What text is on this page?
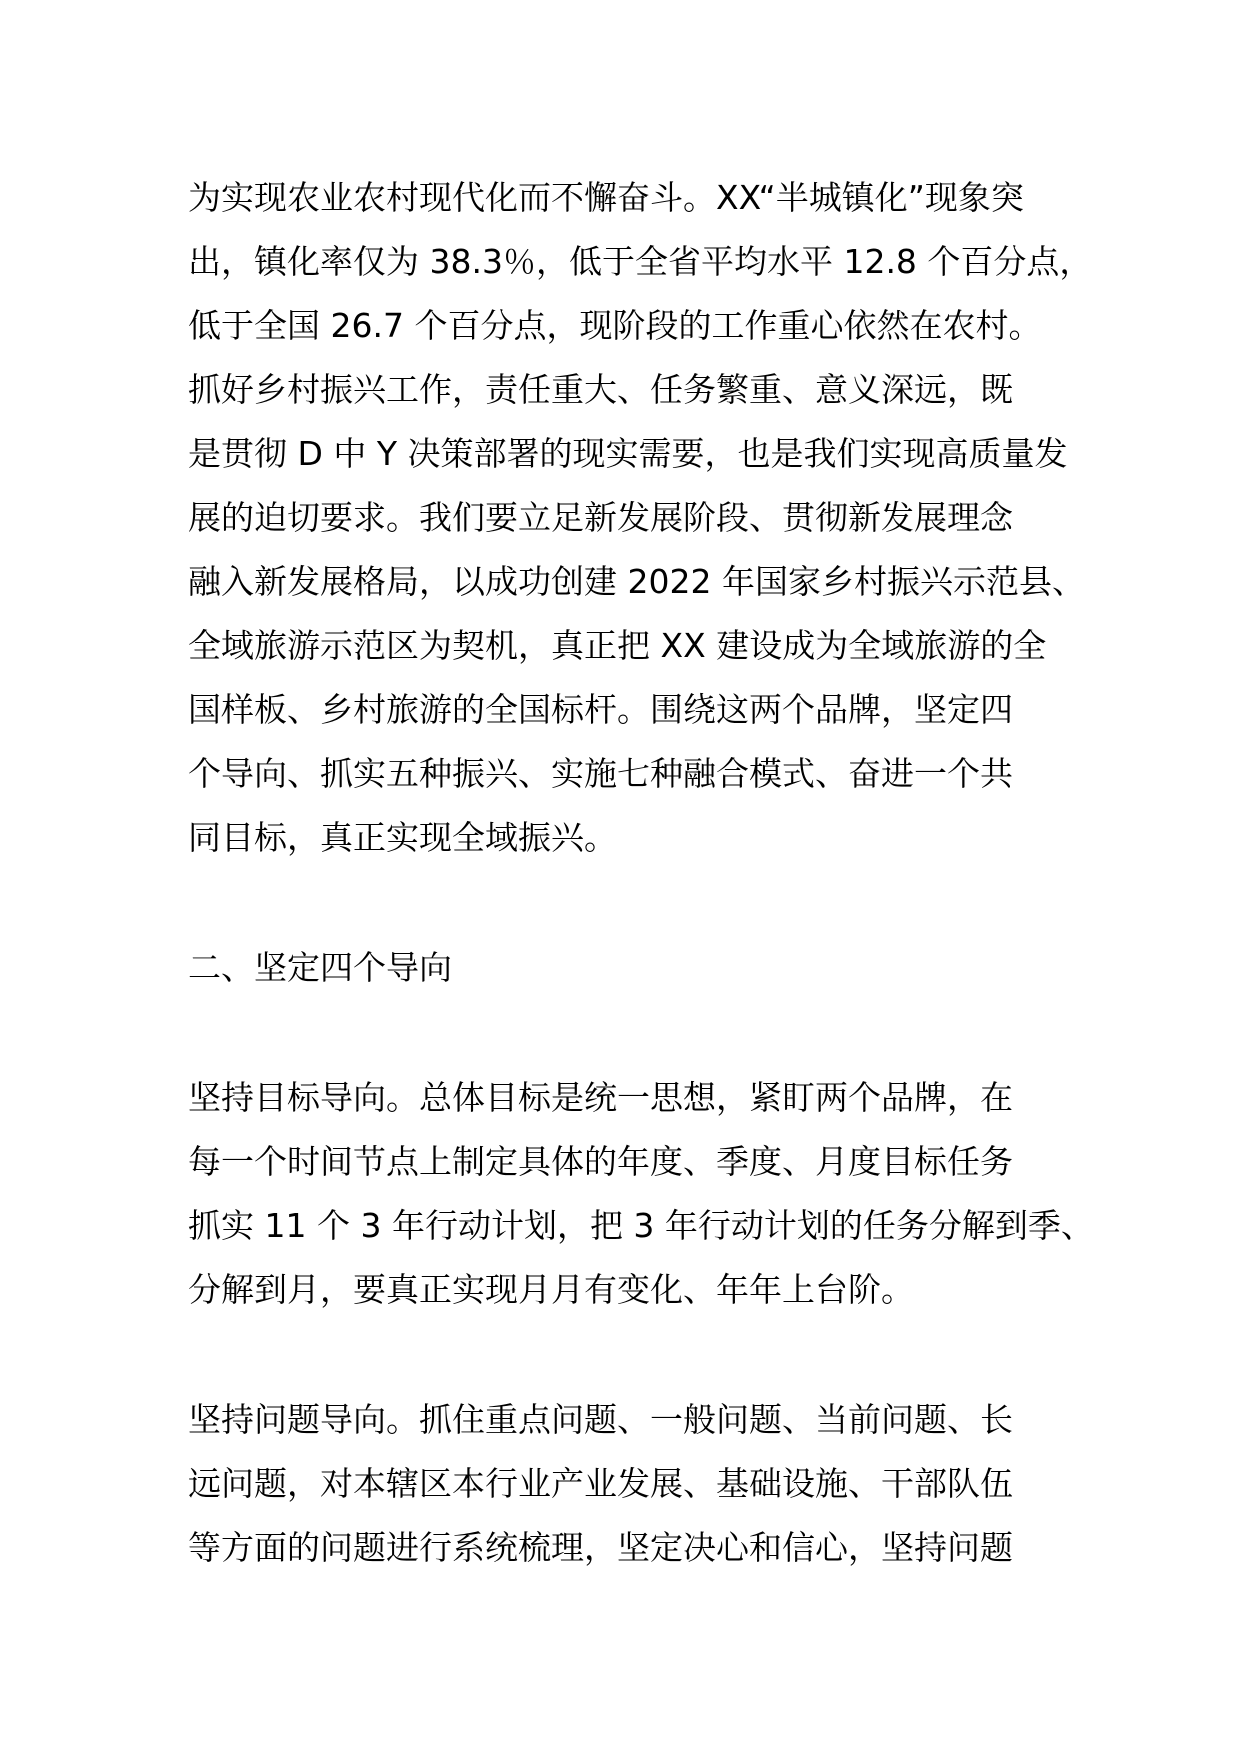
为实现农业农村现代化而不懈奋斗。XX“半城镇化”现象突
出，镇化率仅为 38.3％，低于全省平均水平 12.8 个百分点，
低于全国 26.7 个百分点，现阶段的工作重心依然在农村。
抓好乡村振兴工作，责任重大、任务繁重、意义深远，既
是贯彻 D 中 Y 决策部署的现实需要，也是我们实现高质量发
展的迫切要求。我们要立足新发展阶段、贯彻新发展理念
融入新发展格局，以成功创建 2022 年国家乡村振兴示范县、
全域旅游示范区为契机，真正把 XX 建设成为全域旅游的全
国样板、乡村旅游的全国标杆。围绕这两个品牌，坚定四
个导向、抓实五种振兴、实施七种融合模式、奋进一个共
同目标，真正实现全域振兴。

二、坚定四个导向

坚持目标导向。总体目标是统一思想，紧盯两个品牌，在
每一个时间节点上制定具体的年度、季度、月度目标任务
抓实 11 个 3 年行动计划，把 3 年行动计划的任务分解到季、
分解到月，要真正实现月月有变化、年年上台阶。

坚持问题导向。抓住重点问题、一般问题、当前问题、长
远问题，对本辖区本行业产业发展、基础设施、干部队伍
等方面的问题进行系统梳理，坚定决心和信心，坚持问题
